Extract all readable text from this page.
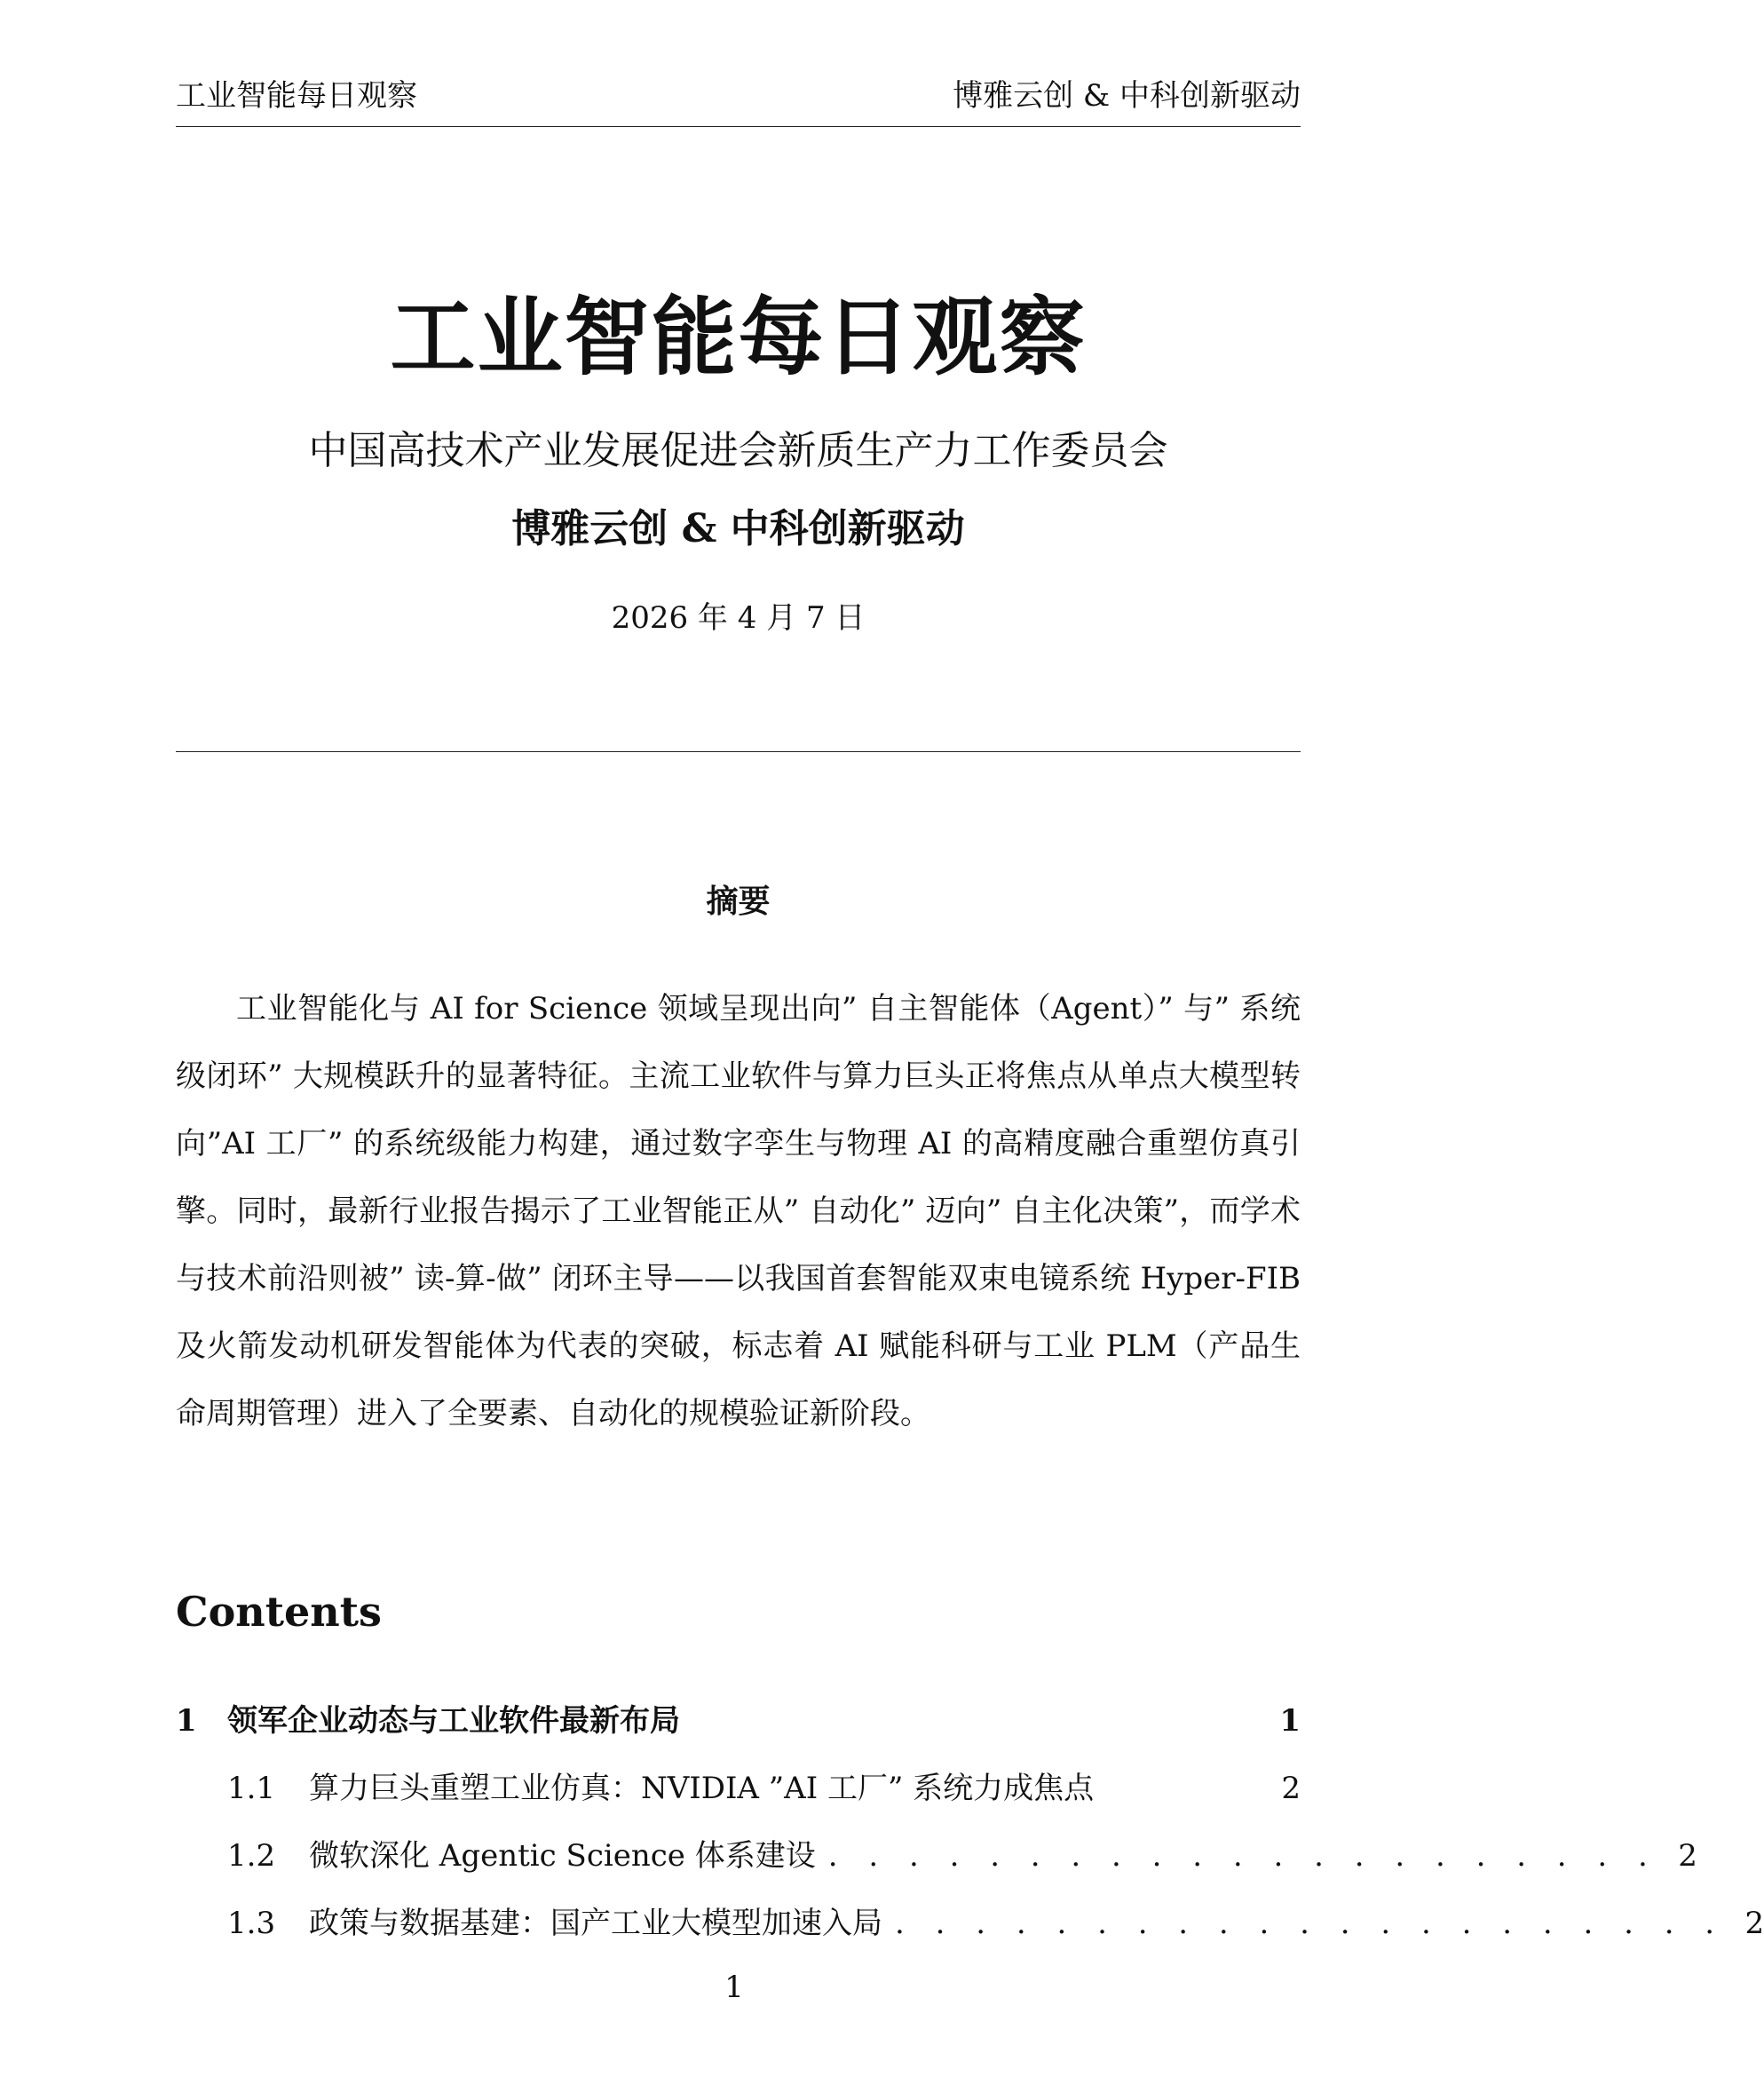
工业智能每日观察	博雅云创 & 中科创新驱动
工业智能每日观察
中国高技术产业发展促进会新质生产力工作委员会
博雅云创 & 中科创新驱动
2026 年 4 月 7 日
摘要

工业智能化与 AI for Science 领域呈现出向” 自主智能体（Agent）” 与” 系统级闭环” 大规模跃升的显著特征。主流工业软件与算力巨头正将焦点从单点大模型转向”AI 工厂” 的系统级能力构建，通过数字孪生与物理 AI 的高精度融合重塑仿真引擎。同时，最新行业报告揭示了工业智能正从” 自动化” 迈向” 自主化决策”，而学术与技术前沿则被” 读-算-做” 闭环主导——以我国首套智能双束电镜系统 Hyper-FIB 及火箭发动机研发智能体为代表的突破，标志着 AI 赋能科研与工业 PLM（产品生命周期管理）进入了全要素、自动化的规模验证新阶段。

Contents
1	领军企业动态与工业软件最新布局	1
1.1	算力巨头重塑工业仿真：NVIDIA ”AI 工厂” 系统力成焦点	2
1.2	微软深化 Agentic Science 体系建设 . . . . . . . . . . . . . . . . . . . . . 2
1.3	政策与数据基建：国产工业大模型加速入局 . . . . . . . . . . . . . . . . . . . . . 2
1
